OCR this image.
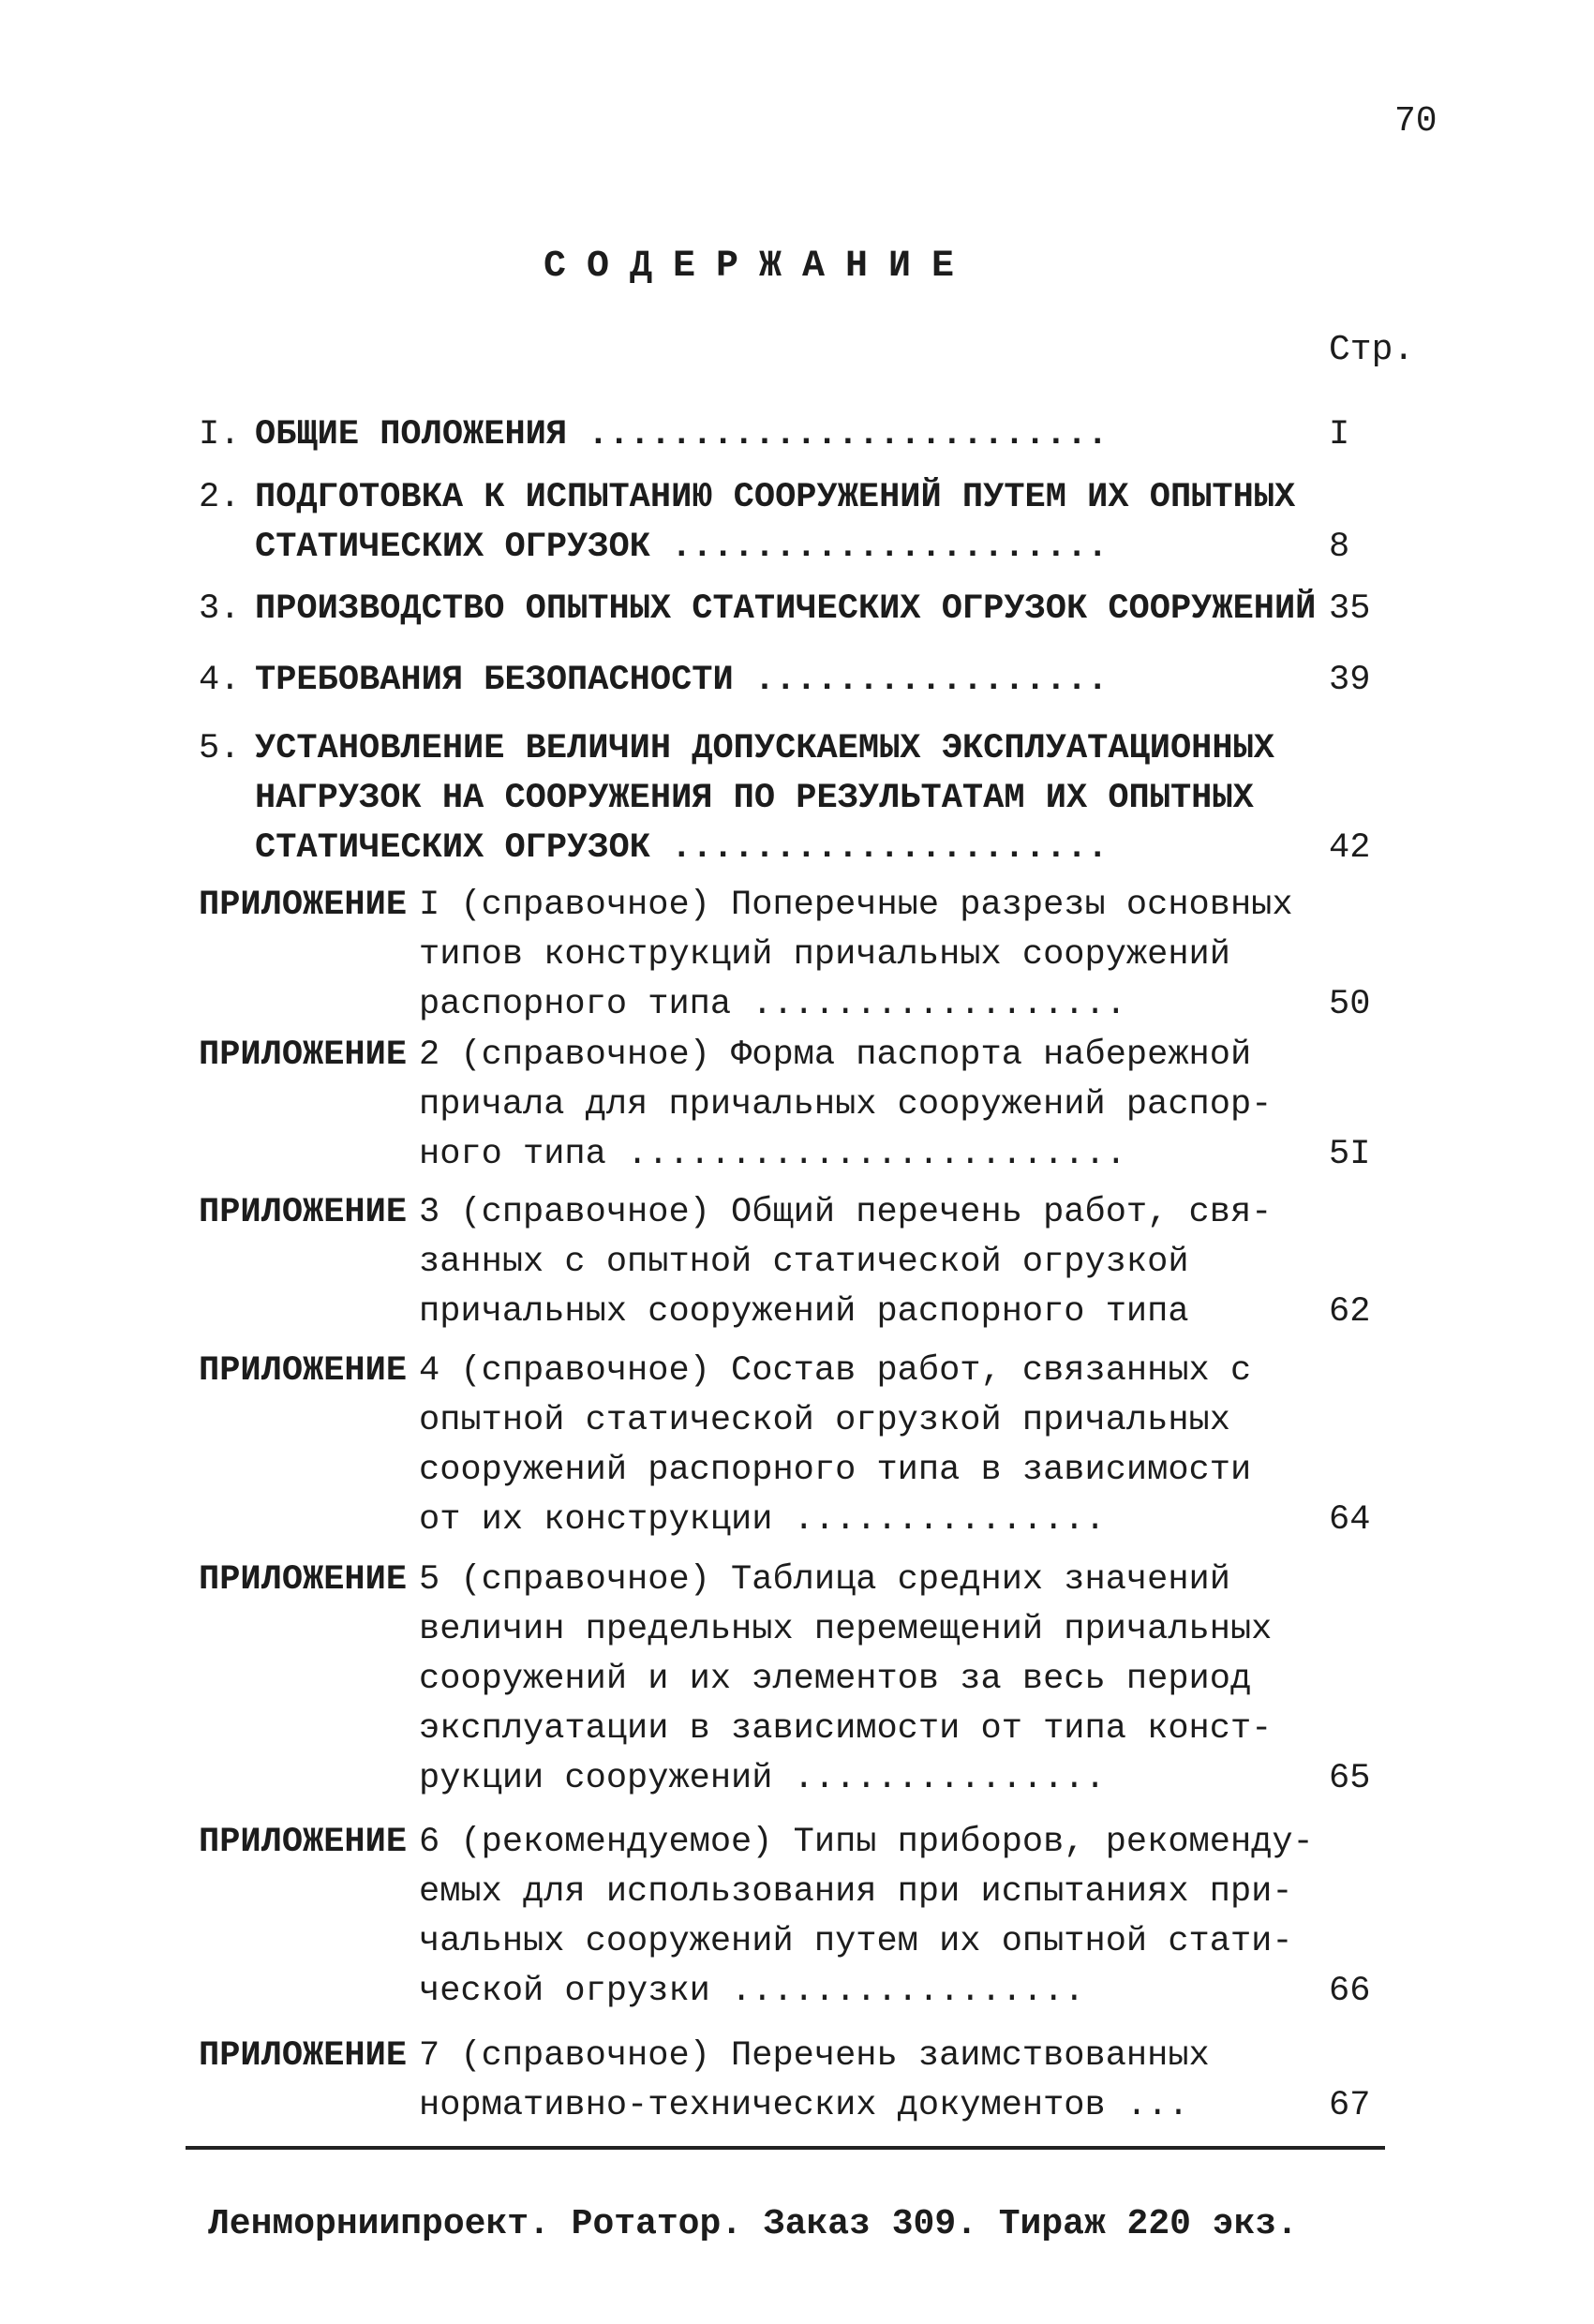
70
СОДЕРЖАНИЕ
Стр.
I. ОБЩИЕ ПОЛОЖЕНИЯ .........................	I
2. ПОДГОТОВКА К ИСПЫТАНИЮ СООРУЖЕНИЙ ПУТЕМ ИХ ОПЫТНЫХ
СТАТИЧЕСКИХ ОГРУЗОК .....................	8
3. ПРОИЗВОДСТВО ОПЫТНЫХ СТАТИЧЕСКИХ ОГРУЗОК СООРУЖЕНИЙ 35
4. ТРЕБОВАНИЯ БЕЗОПАСНОСТИ .................	39
5. УСТАНОВЛЕНИЕ ВЕЛИЧИН ДОПУСКАЕМЫХ ЭКСПЛУАТАЦИОННЫХ
НАГРУЗОК НА СООРУЖЕНИЯ ПО РЕЗУЛЬТАТАМ ИХ ОПЫТНЫХ
СТАТИЧЕСКИХ ОГРУЗОК .....................	42
ПРИЛОЖЕНИЕ I (справочное) Поперечные разрезы основных
типов конструкций причальных сооружений
распорного типа ..................	50
ПРИЛОЖЕНИЕ 2 (справочное) Форма паспорта набережной
причала для причальных сооружений распор-
ного типа ........................	5I
ПРИЛОЖЕНИЕ 3 (справочное) Общий перечень работ, свя-
занных с опытной статической огрузкой
причальных сооружений распорного типа	62
ПРИЛОЖЕНИЕ 4 (справочное) Состав работ, связанных с
опытной статической огрузкой причальных
сооружений распорного типа в зависимости
от их конструкции ...............	64
ПРИЛОЖЕНИЕ 5 (справочное) Таблица средних значений
величин предельных перемещений причальных
сооружений и их элементов за весь период
эксплуатации в зависимости от типа конст-
рукции сооружений ...............	65
ПРИЛОЖЕНИЕ 6 (рекомендуемое) Типы приборов, рекоменду-
емых для использования при испытаниях при-
чальных сооружений путем их опытной стати-
ческой огрузки .................	66
ПРИЛОЖЕНИЕ 7 (справочное) Перечень заимствованных
нормативно-технических документов ...	67
Ленморниипроект. Ротатор. Заказ 309. Тираж 220 экз.
